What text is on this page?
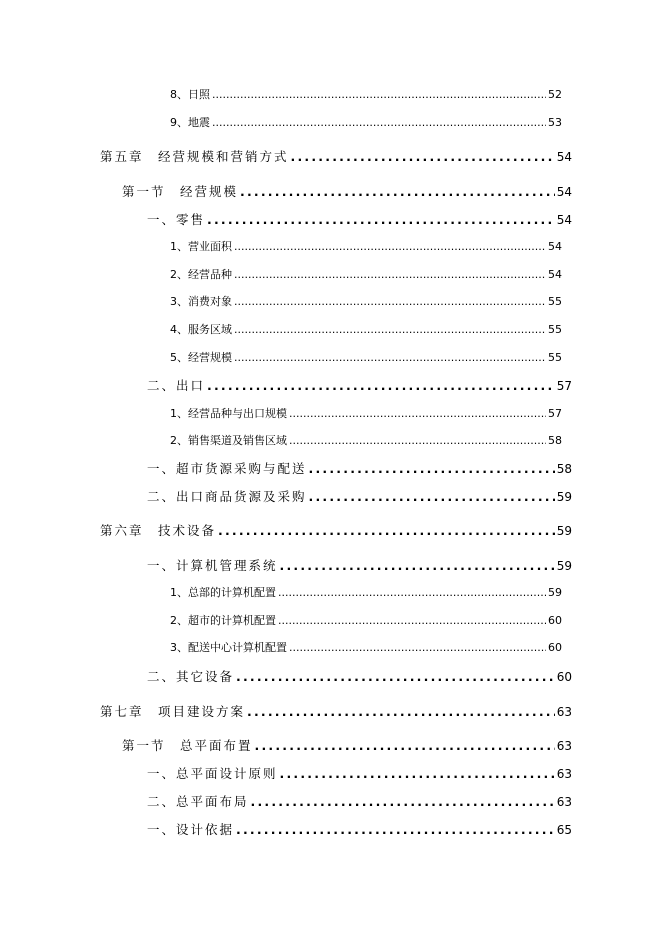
8、日照 .....	52
9、地震 .....	53
第五章　经营规模和营销方式 .....	54
第一节　经营规模 .....	54
一、零售 .....	54
1、营业面积 .....	54
2、经营品种 .....	54
3、消费对象 .....	55
4、服务区域 .....	55
5、经营规模 .....	55
二、出口 .....	57
1、经营品种与出口规模 .....	57
2、销售渠道及销售区域 .....	58
一、超市货源采购与配送 .....	58
二、出口商品货源及采购 .....	59
第六章　技术设备 .....	59
一、计算机管理系统 .....	59
1、总部的计算机配置 .....	59
2、超市的计算机配置 .....	60
3、配送中心计算机配置 .....	60
二、其它设备 .....	60
第七章　项目建设方案 .....	63
第一节　总平面布置 .....	63
一、总平面设计原则 .....	63
二、总平面布局 .....	63
一、设计依据 .....	65
